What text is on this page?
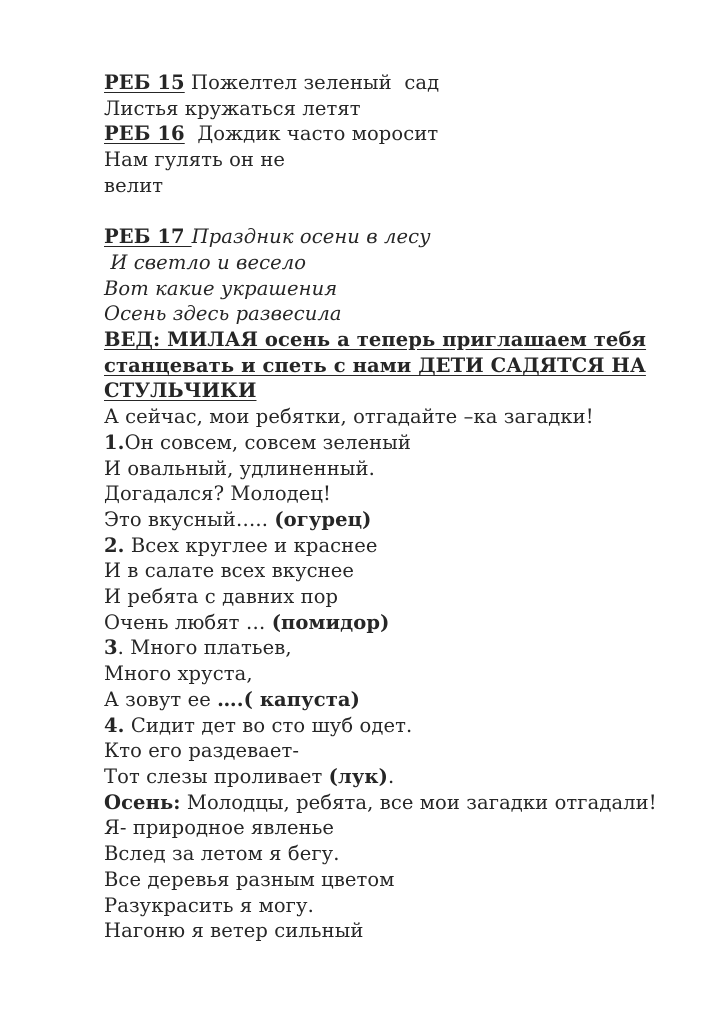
РЕБ 15 Пожелтел зеленый  сад
Листья кружаться летят
РЕБ 16  Дождик часто моросит
Нам гулять он не
велит

РЕБ 17 Праздник осени в лесу
И светло и весело
Вот какие украшения
Осень здесь развесила
ВЕД: МИЛАЯ осень а теперь приглашаем тебя
станцевать и спеть с нами ДЕТИ САДЯТСЯ НА
СТУЛЬЧИКИ
А сейчас, мои ребятки, отгадайте –ка загадки!
1.Он совсем, совсем зеленый
И овальный, удлиненный.
Догадался? Молодец!
Это вкусный….. (огурец)
2. Всех круглее и краснее
И в салате всех вкуснее
И ребята с давних пор
Очень любят … (помидор)
3. Много платьев,
Много хруста,
А зовут ее ….( капуста)
4. Сидит дет во сто шуб одет.
Кто его раздевает-
Тот слезы проливает (лук).
Осень: Молодцы, ребята, все мои загадки отгадали!
Я- природное явленье
Вслед за летом я бегу.
Все деревья разным цветом
Разукрасить я могу.
Нагоню я ветер сильный
